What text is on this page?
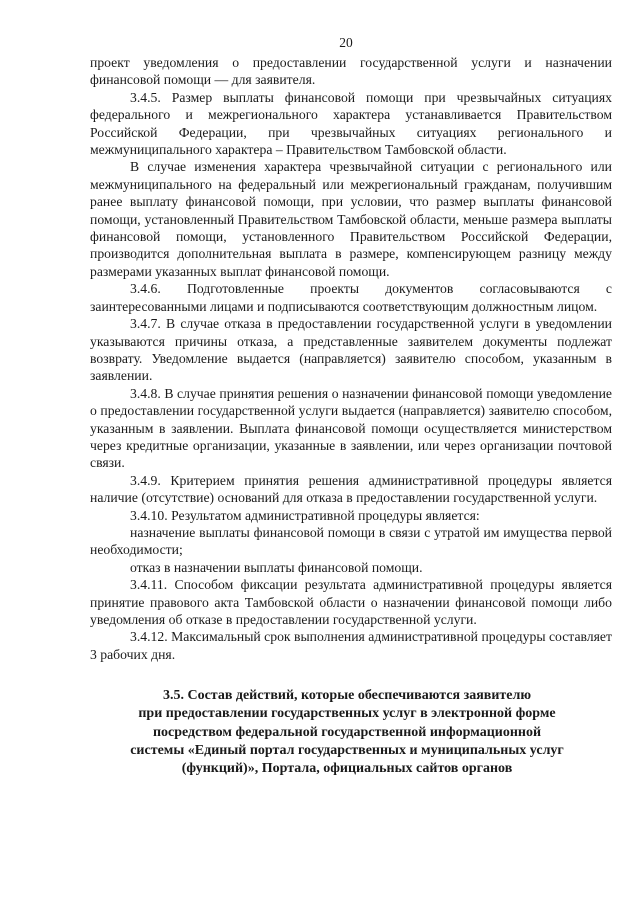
20

проект уведомления о предоставлении государственной услуги и назначении финансовой помощи — для заявителя.

3.4.5. Размер выплаты финансовой помощи при чрезвычайных ситуациях федерального и межрегионального характера устанавливается Правительством Российской Федерации, при чрезвычайных ситуациях регионального и межмуниципального характера – Правительством Тамбовской области.

В случае изменения характера чрезвычайной ситуации с регионального или межмуниципального на федеральный или межрегиональный гражданам, получившим ранее выплату финансовой помощи, при условии, что размер выплаты финансовой помощи, установленный Правительством Тамбовской области, меньше размера выплаты финансовой помощи, установленного Правительством Российской Федерации, производится дополнительная выплата в размере, компенсирующем разницу между размерами указанных выплат финансовой помощи.

3.4.6. Подготовленные проекты документов согласовываются с заинтересованными лицами и подписываются соответствующим должностным лицом.

3.4.7. В случае отказа в предоставлении государственной услуги в уведомлении указываются причины отказа, а представленные заявителем документы подлежат возврату. Уведомление выдается (направляется) заявителю способом, указанным в заявлении.

3.4.8. В случае принятия решения о назначении финансовой помощи уведомление о предоставлении государственной услуги выдается (направляется) заявителю способом, указанным в заявлении. Выплата финансовой помощи осуществляется министерством через кредитные организации, указанные в заявлении, или через организации почтовой связи.

3.4.9. Критерием принятия решения административной процедуры является наличие (отсутствие) оснований для отказа в предоставлении государственной услуги.

3.4.10. Результатом административной процедуры является:

назначение выплаты финансовой помощи в связи с утратой им имущества первой необходимости;

отказ в назначении выплаты финансовой помощи.

3.4.11. Способом фиксации результата административной процедуры является принятие правового акта Тамбовской области о назначении финансовой помощи либо уведомления об отказе в предоставлении государственной услуги.

3.4.12. Максимальный срок выполнения административной процедуры составляет 3 рабочих дня.

3.5. Состав действий, которые обеспечиваются заявителю
при предоставлении государственных услуг в электронной форме
посредством федеральной государственной информационной
системы «Единый портал государственных и муниципальных услуг
(функций)», Портала, официальных сайтов органов
